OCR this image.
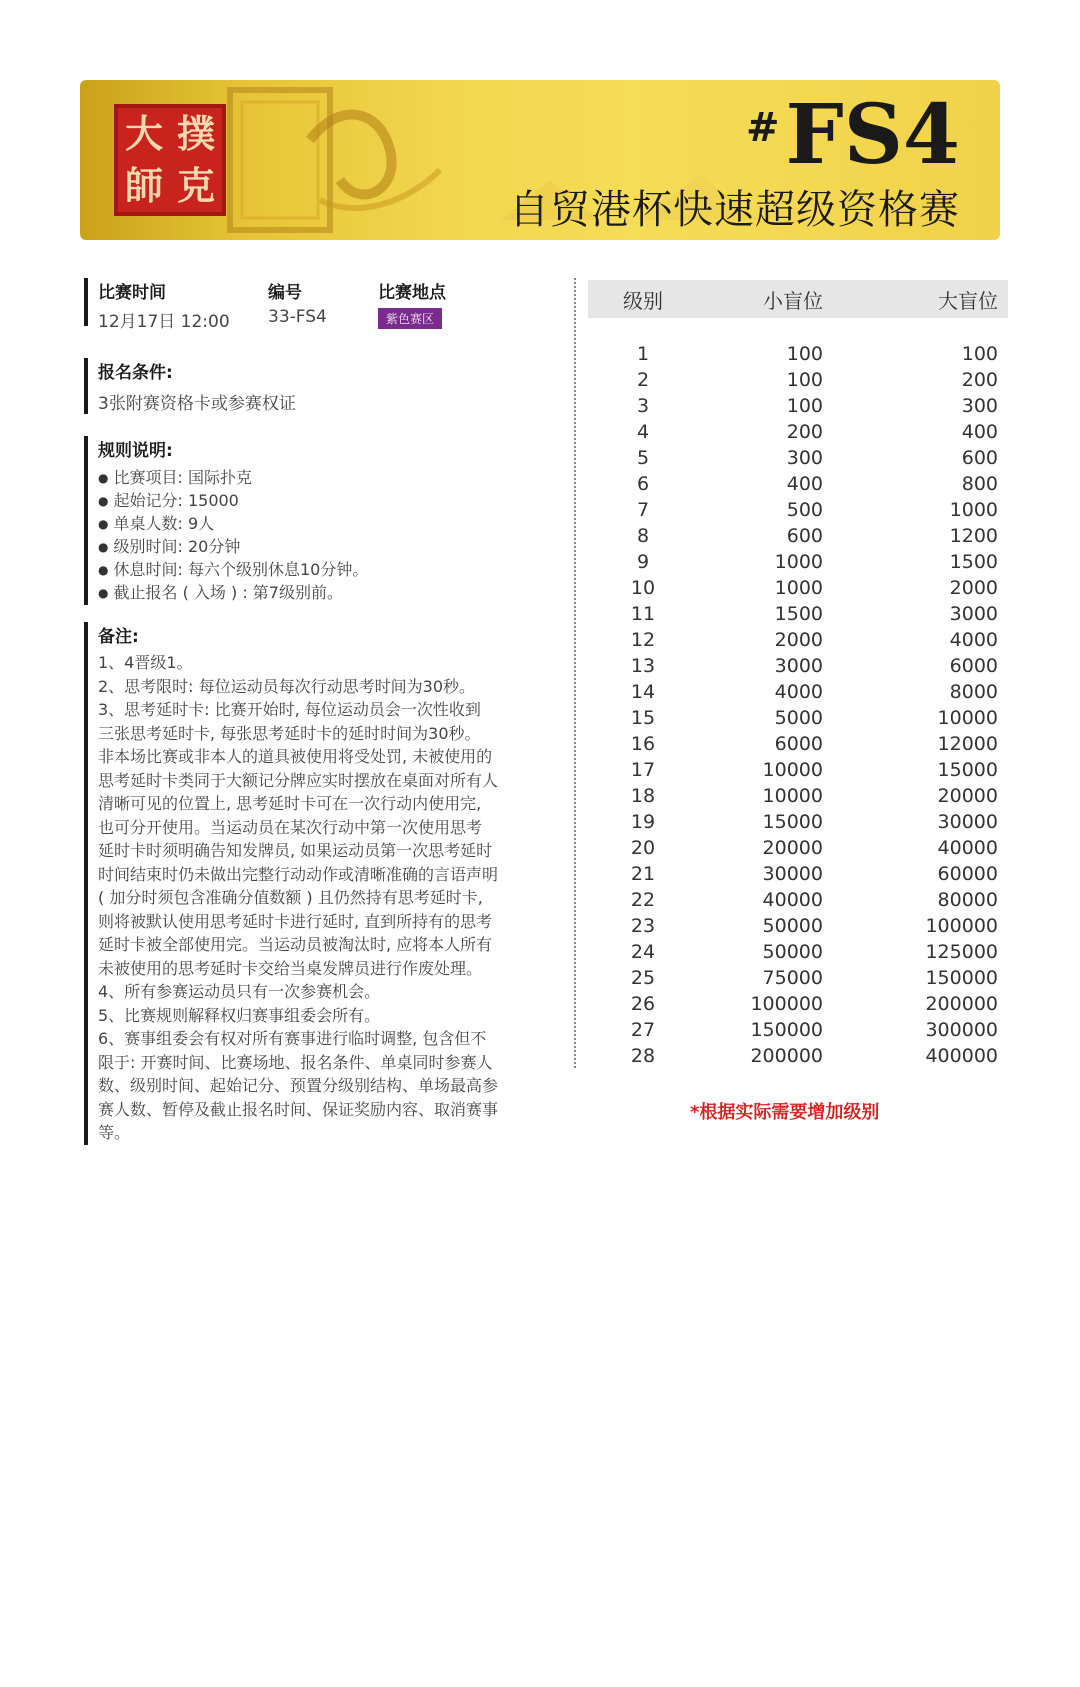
大 撲
師 克
#FS4
自贸港杯快速超级资格赛
比赛时间
12月17日 12:00
编号
33-FS4
比赛地点
紫色赛区
报名条件:
3张附赛资格卡或参赛权证
规则说明:
● 比赛项目: 国际扑克
● 起始记分: 15000
● 单桌人数: 9人
● 级别时间: 20分钟
● 休息时间: 每六个级别休息10分钟。
● 截止报名 ( 入场 ) : 第7级别前。
备注:

1、4晋级1。

2、思考限时: 每位运动员每次行动思考时间为30秒。

3、思考延时卡: 比赛开始时, 每位运动员会一次性收到

三张思考延时卡, 每张思考延时卡的延时时间为30秒。

非本场比赛或非本人的道具被使用将受处罚, 未被使用的

思考延时卡类同于大额记分牌应实时摆放在桌面对所有人

清晰可见的位置上, 思考延时卡可在一次行动内使用完,

也可分开使用。当运动员在某次行动中第一次使用思考

延时卡时须明确告知发牌员, 如果运动员第一次思考延时

时间结束时仍未做出完整行动动作或清晰准确的言语声明

( 加分时须包含准确分值数额 ) 且仍然持有思考延时卡,

则将被默认使用思考延时卡进行延时, 直到所持有的思考

延时卡被全部使用完。当运动员被淘汰时, 应将本人所有

未被使用的思考延时卡交给当桌发牌员进行作废处理。

4、所有参赛运动员只有一次参赛机会。

5、比赛规则解释权归赛事组委会所有。

6、赛事组委会有权对所有赛事进行临时调整, 包含但不

限于: 开赛时间、比赛场地、报名条件、单桌同时参赛人

数、级别时间、起始记分、预置分级别结构、单场最高参

赛人数、暂停及截止报名时间、保证奖励内容、取消赛事

等。

级别	小盲位	大盲位
1	100	100
2	100	200
3	100	300
4	200	400
5	300	600
6	400	800
7	500	1000
8	600	1200
9	1000	1500
10	1000	2000
11	1500	3000
12	2000	4000
13	3000	6000
14	4000	8000
15	5000	10000
16	6000	12000
17	10000	15000
18	10000	20000
19	15000	30000
20	20000	40000
21	30000	60000
22	40000	80000
23	50000	100000
24	50000	125000
25	75000	150000
26	100000	200000
27	150000	300000
28	200000	400000
*根据实际需要增加级别
